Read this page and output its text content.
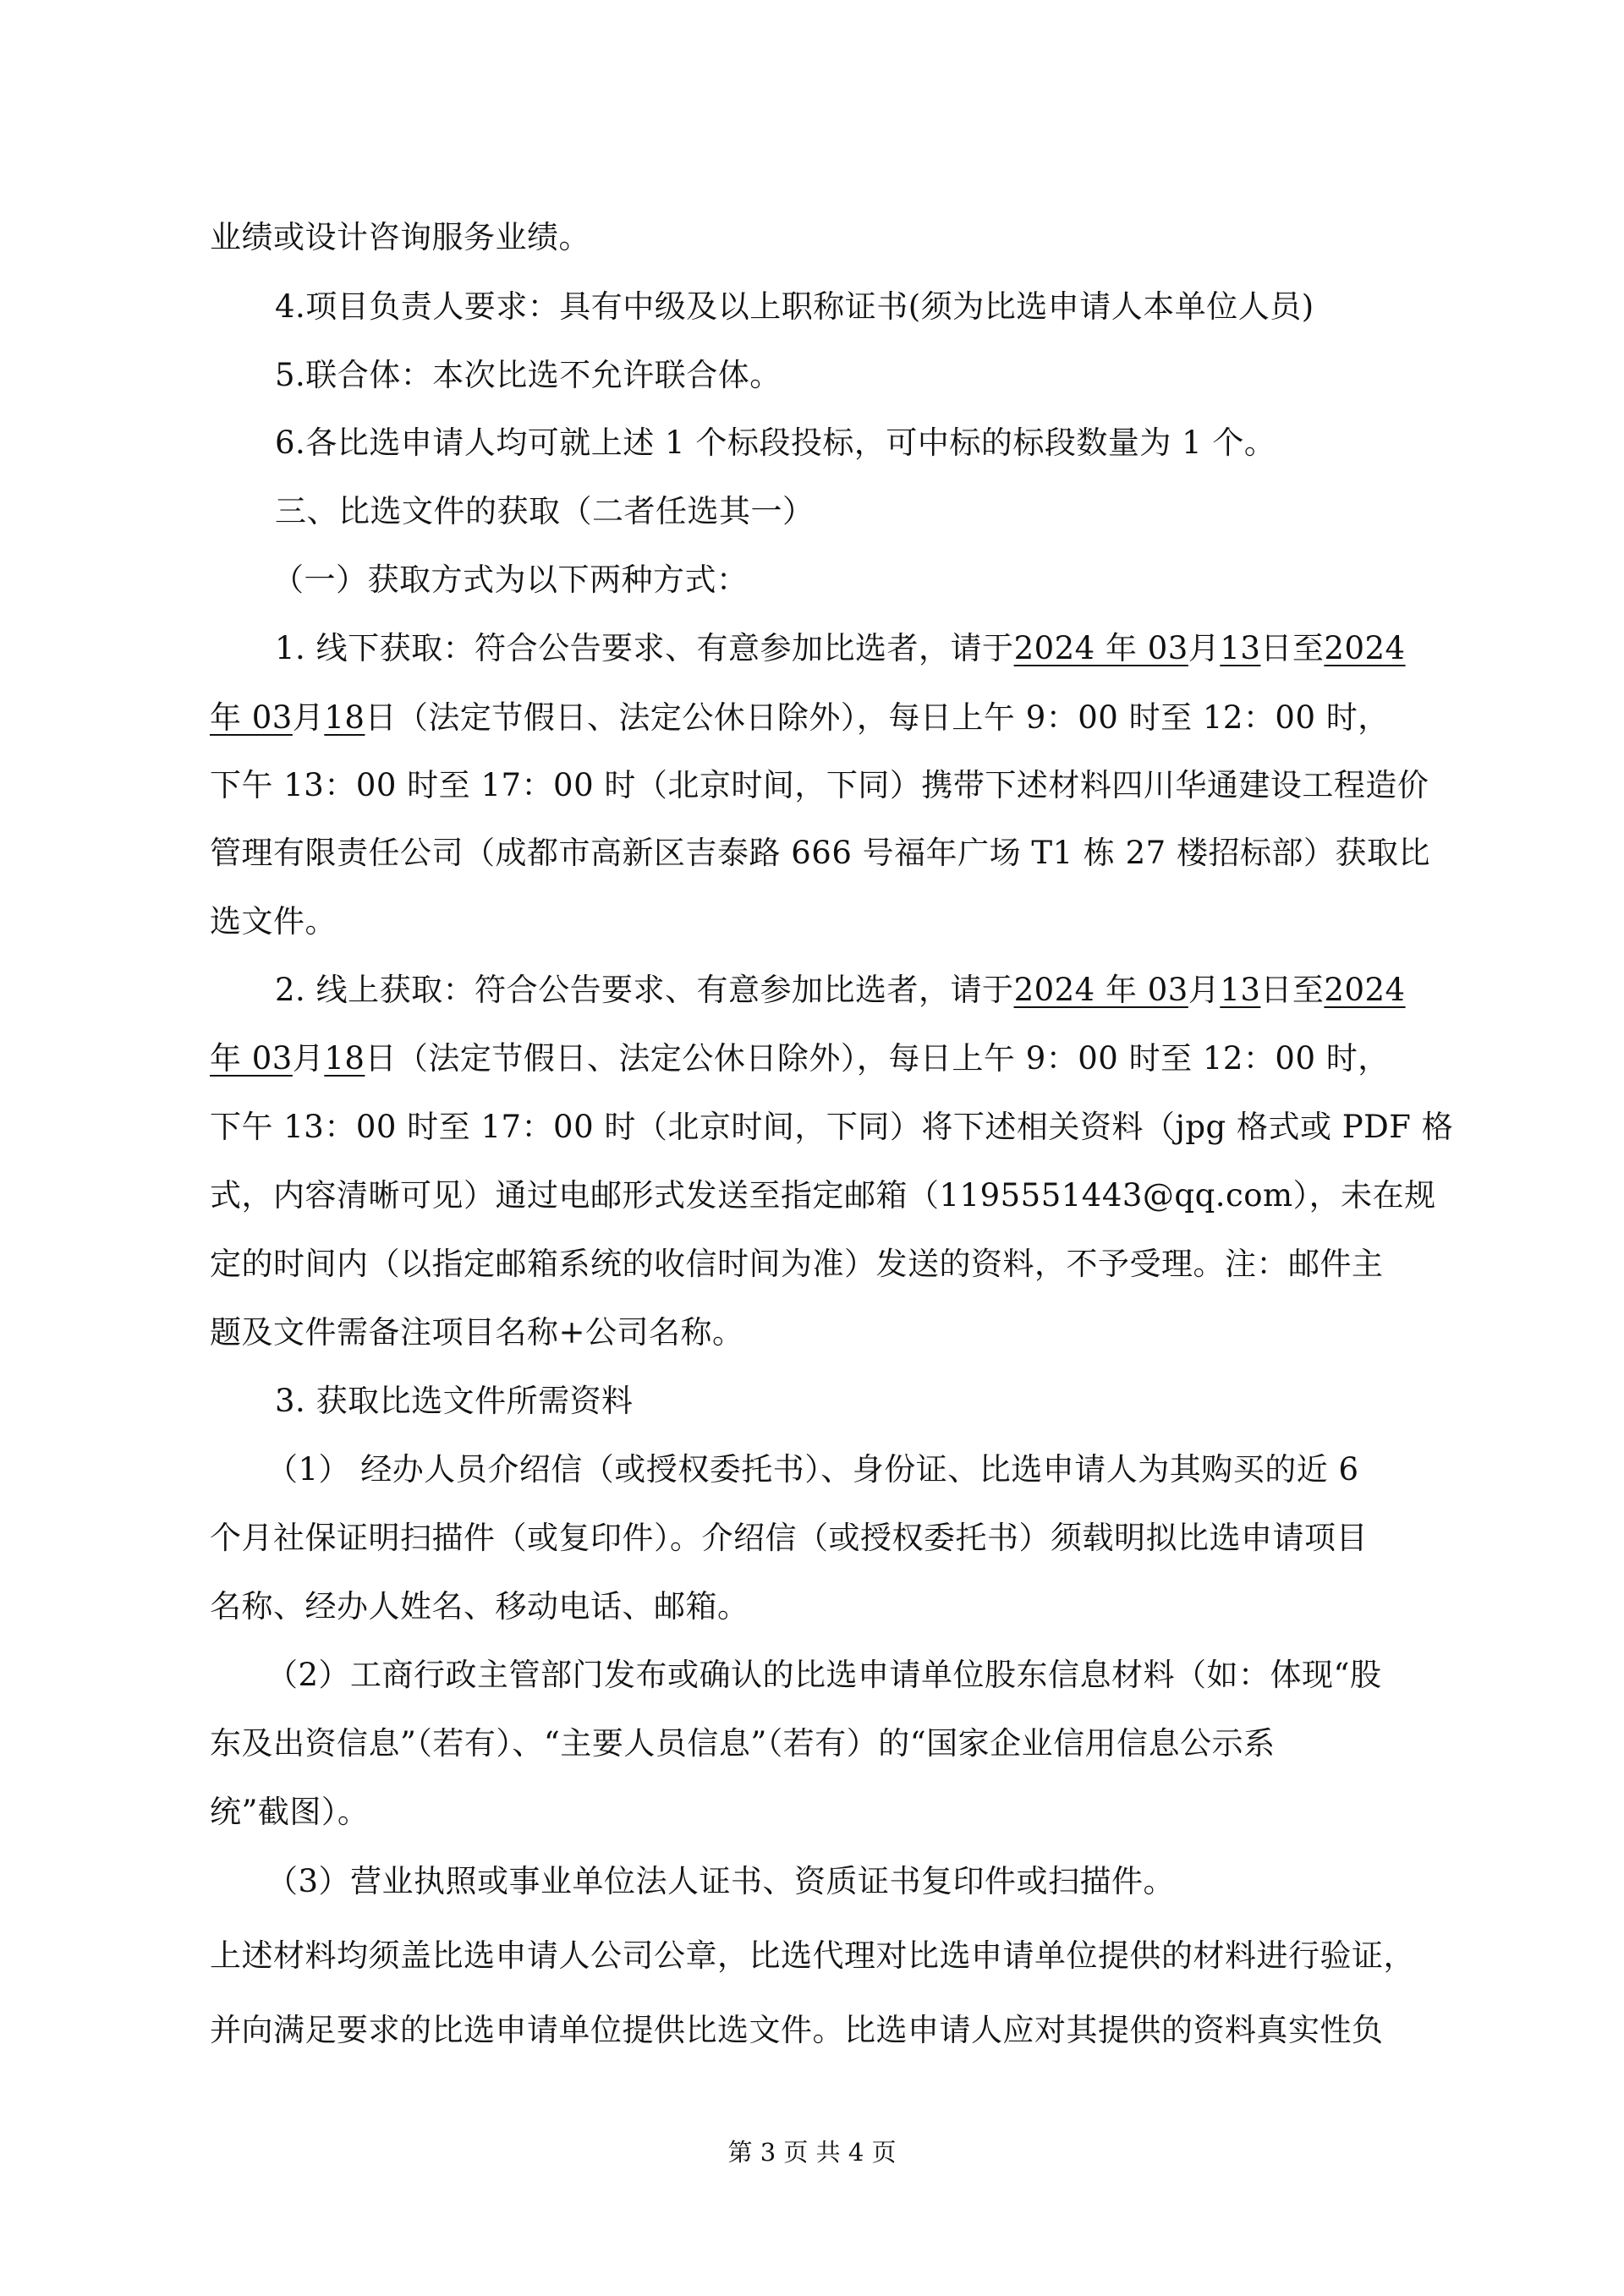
业绩或设计咨询服务业绩。
4.项目负责人要求：具有中级及以上职称证书(须为比选申请人本单位人员)
5.联合体：本次比选不允许联合体。
6.各比选申请人均可就上述 1 个标段投标，可中标的标段数量为 1 个。
三、比选文件的获取（二者任选其一）
（一）获取方式为以下两种方式：
1. 线下获取：符合公告要求、有意参加比选者，请于2024 年 03月13日至2024
年 03月18日（法定节假日、法定公休日除外），每日上午 9：00 时至 12：00 时，
下午 13：00 时至 17：00 时（北京时间，下同）携带下述材料四川华通建设工程造价
管理有限责任公司（成都市高新区吉泰路 666 号福年广场 T1 栋 27 楼招标部）获取比
选文件。
2. 线上获取：符合公告要求、有意参加比选者，请于2024 年 03月13日至2024
年 03月18日（法定节假日、法定公休日除外），每日上午 9：00 时至 12：00 时，
下午 13：00 时至 17：00 时（北京时间，下同）将下述相关资料（jpg 格式或 PDF 格
式，内容清晰可见）通过电邮形式发送至指定邮箱（1195551443@qq.com），未在规
定的时间内（以指定邮箱系统的收信时间为准）发送的资料，不予受理。注：邮件主
题及文件需备注项目名称+公司名称。
3. 获取比选文件所需资料
（1） 经办人员介绍信（或授权委托书）、身份证、比选申请人为其购买的近 6
个月社保证明扫描件（或复印件）。介绍信（或授权委托书）须载明拟比选申请项目
名称、经办人姓名、移动电话、邮箱。
（2）工商行政主管部门发布或确认的比选申请单位股东信息材料（如：体现“股
东及出资信息”（若有）、“主要人员信息”（若有）的“国家企业信用信息公示系
统”截图）。
（3）营业执照或事业单位法人证书、资质证书复印件或扫描件。
上述材料均须盖比选申请人公司公章，比选代理对比选申请单位提供的材料进行验证，
并向满足要求的比选申请单位提供比选文件。比选申请人应对其提供的资料真实性负
第 3 页 共 4 页
